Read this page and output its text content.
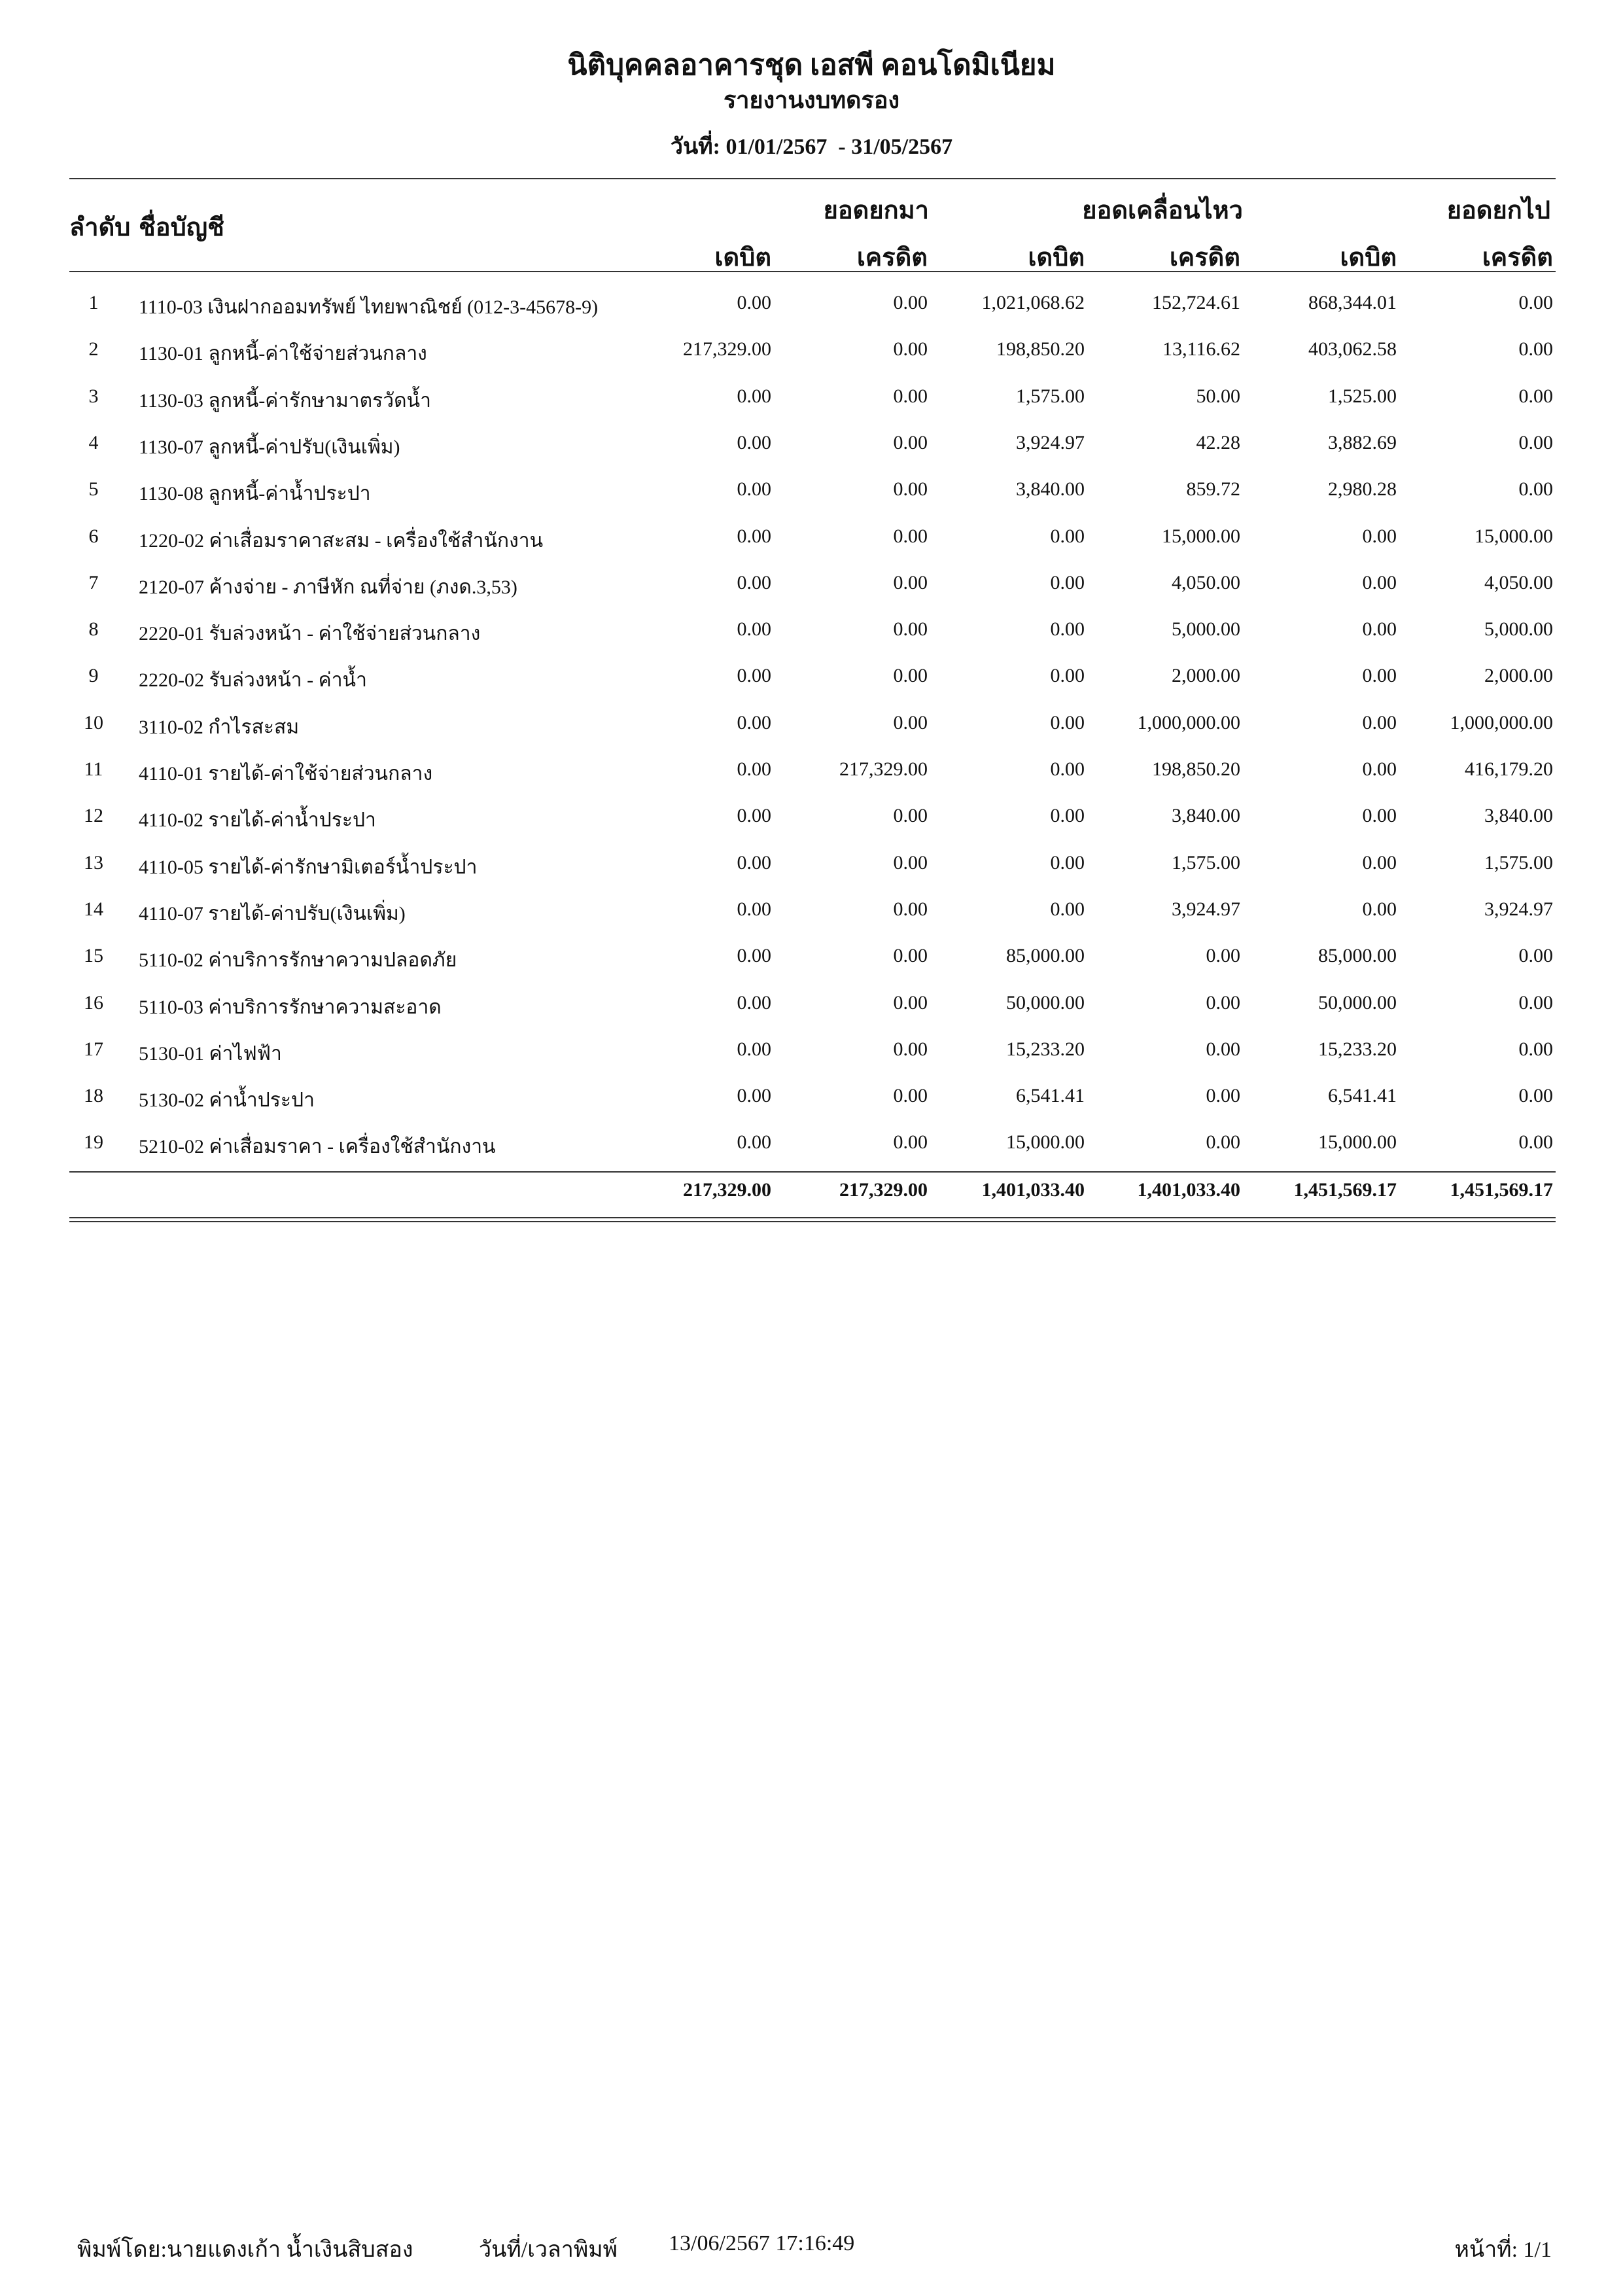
นิติบุคคลอาคารชุด เอสพี คอนโดมิเนียม
รายงานงบทดรอง
วันที่: 01/01/2567 - 31/05/2567
ลำดับ ชื่อบัญชี
ยอดยกมา	ยอดเคลื่อนไหว	ยอดยกไป
เดบิต	เครดิต	เดบิต	เครดิต	เดบิต	เครดิต
1	1110-03 เงินฝากออมทรัพย์ ไทยพาณิชย์ (012-3-45678-9)	0.00	0.00	1,021,068.62	152,724.61	868,344.01	0.00
2	1130-01 ลูกหนี้-ค่าใช้จ่ายส่วนกลาง	217,329.00	0.00	198,850.20	13,116.62	403,062.58	0.00
3	1130-03 ลูกหนี้-ค่ารักษามาตรวัดน้ำ	0.00	0.00	1,575.00	50.00	1,525.00	0.00
4	1130-07 ลูกหนี้-ค่าปรับ(เงินเพิ่ม)	0.00	0.00	3,924.97	42.28	3,882.69	0.00
5	1130-08 ลูกหนี้-ค่าน้ำประปา	0.00	0.00	3,840.00	859.72	2,980.28	0.00
6	1220-02 ค่าเสื่อมราคาสะสม - เครื่องใช้สำนักงาน	0.00	0.00	0.00	15,000.00	0.00	15,000.00
7	2120-07 ค้างจ่าย - ภาษีหัก ณที่จ่าย (ภงด.3,53)	0.00	0.00	0.00	4,050.00	0.00	4,050.00
8	2220-01 รับล่วงหน้า - ค่าใช้จ่ายส่วนกลาง	0.00	0.00	0.00	5,000.00	0.00	5,000.00
9	2220-02 รับล่วงหน้า - ค่าน้ำ	0.00	0.00	0.00	2,000.00	0.00	2,000.00
10	3110-02 กำไรสะสม	0.00	0.00	0.00	1,000,000.00	0.00	1,000,000.00
11	4110-01 รายได้-ค่าใช้จ่ายส่วนกลาง	0.00	217,329.00	0.00	198,850.20	0.00	416,179.20
12	4110-02 รายได้-ค่าน้ำประปา	0.00	0.00	0.00	3,840.00	0.00	3,840.00
13	4110-05 รายได้-ค่ารักษามิเตอร์น้ำประปา	0.00	0.00	0.00	1,575.00	0.00	1,575.00
14	4110-07 รายได้-ค่าปรับ(เงินเพิ่ม)	0.00	0.00	0.00	3,924.97	0.00	3,924.97
15	5110-02 ค่าบริการรักษาความปลอดภัย	0.00	0.00	85,000.00	0.00	85,000.00	0.00
16	5110-03 ค่าบริการรักษาความสะอาด	0.00	0.00	50,000.00	0.00	50,000.00	0.00
17	5130-01 ค่าไฟฟ้า	0.00	0.00	15,233.20	0.00	15,233.20	0.00
18	5130-02 ค่าน้ำประปา	0.00	0.00	6,541.41	0.00	6,541.41	0.00
19	5210-02 ค่าเสื่อมราคา - เครื่องใช้สำนักงาน	0.00	0.00	15,000.00	0.00	15,000.00	0.00
217,329.00	217,329.00	1,401,033.40	1,401,033.40	1,451,569.17	1,451,569.17
พิมพ์โดย:นายแดงเก้า น้ำเงินสิบสอง	วันที่/เวลาพิมพ์ 13/06/2567 17:16:49	หน้าที่: 1/1
